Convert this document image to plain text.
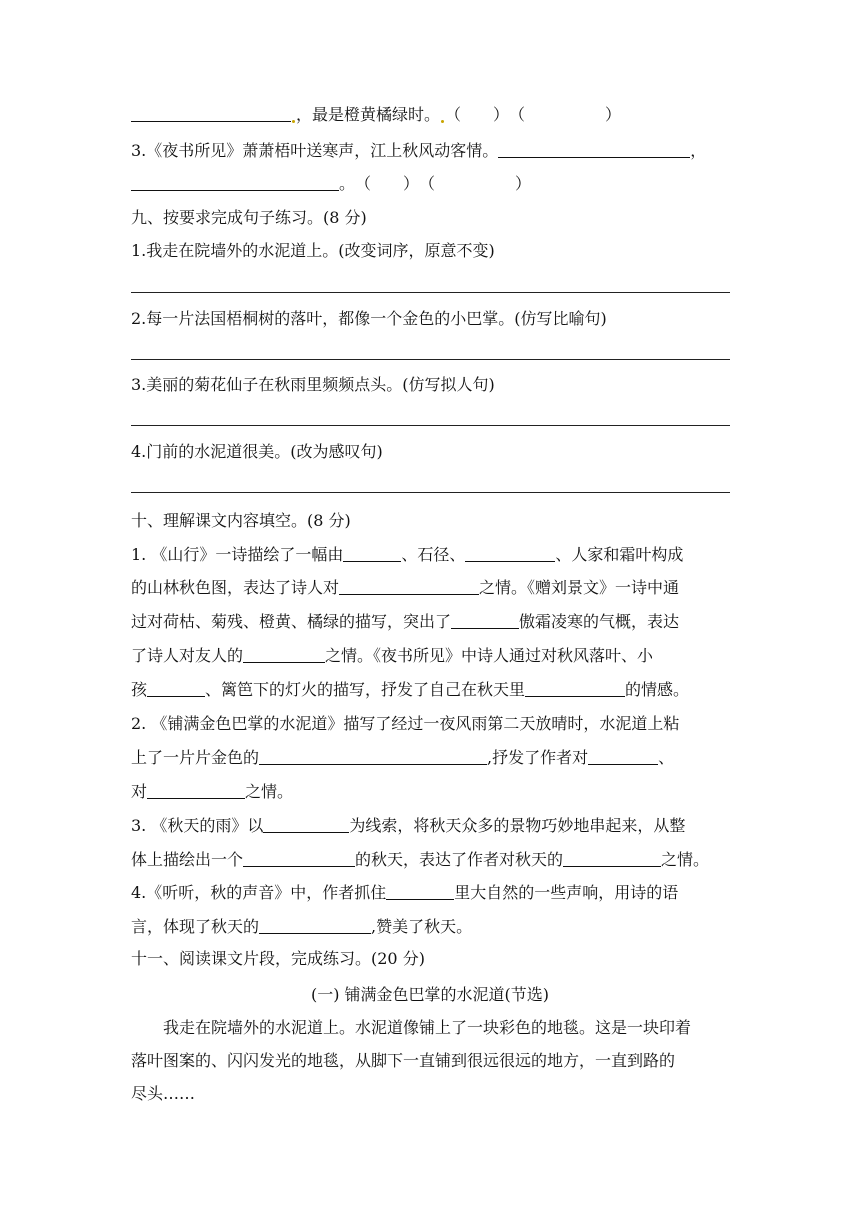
，最是橙黄橘绿时。 （　　）（　　　　　）
3.《夜书所见》萧萧梧叶送寒声，江上秋风动客情。	，
。（　　）（　　　　　）
九、按要求完成句子练习。(8 分)
1.我走在院墙外的水泥道上。(改变词序，原意不变)
2.每一片法国梧桐树的落叶，都像一个金色的小巴掌。(仿写比喻句)
3.美丽的菊花仙子在秋雨里频频点头。(仿写拟人句)
4.门前的水泥道很美。(改为感叹句)
十、理解课文内容填空。(8 分)
1. 《山行》一诗描绘了一幅由	、石径、	、人家和霜叶构成
的山林秋色图，表达了诗人对	之情。《赠刘景文》一诗中通
过对荷枯、菊残、橙黄、橘绿的描写，突出了	傲霜凌寒的气概，表达
了诗人对友人的	之情。《夜书所见》中诗人通过对秋风落叶、小
孩	、篱笆下的灯火的描写，抒发了自己在秋天里	的情感。
2. 《铺满金色巴掌的水泥道》描写了经过一夜风雨第二天放晴时，水泥道上粘
上了一片片金色的	,抒发了作者对	、
对	之情。
3. 《秋天的雨》以	为线索，将秋天众多的景物巧妙地串起来，从整
体上描绘出一个	的秋天，表达了作者对秋天的	之情。
4.《听听，秋的声音》中，作者抓住	里大自然的一些声响，用诗的语
言，体现了秋天的	,赞美了秋天。
十一、阅读课文片段，完成练习。(20 分)
(一) 铺满金色巴掌的水泥道(节选)
我走在院墙外的水泥道上。水泥道像铺上了一块彩色的地毯。这是一块印着
落叶图案的、闪闪发光的地毯，从脚下一直铺到很远很远的地方，一直到路的
尽头……
